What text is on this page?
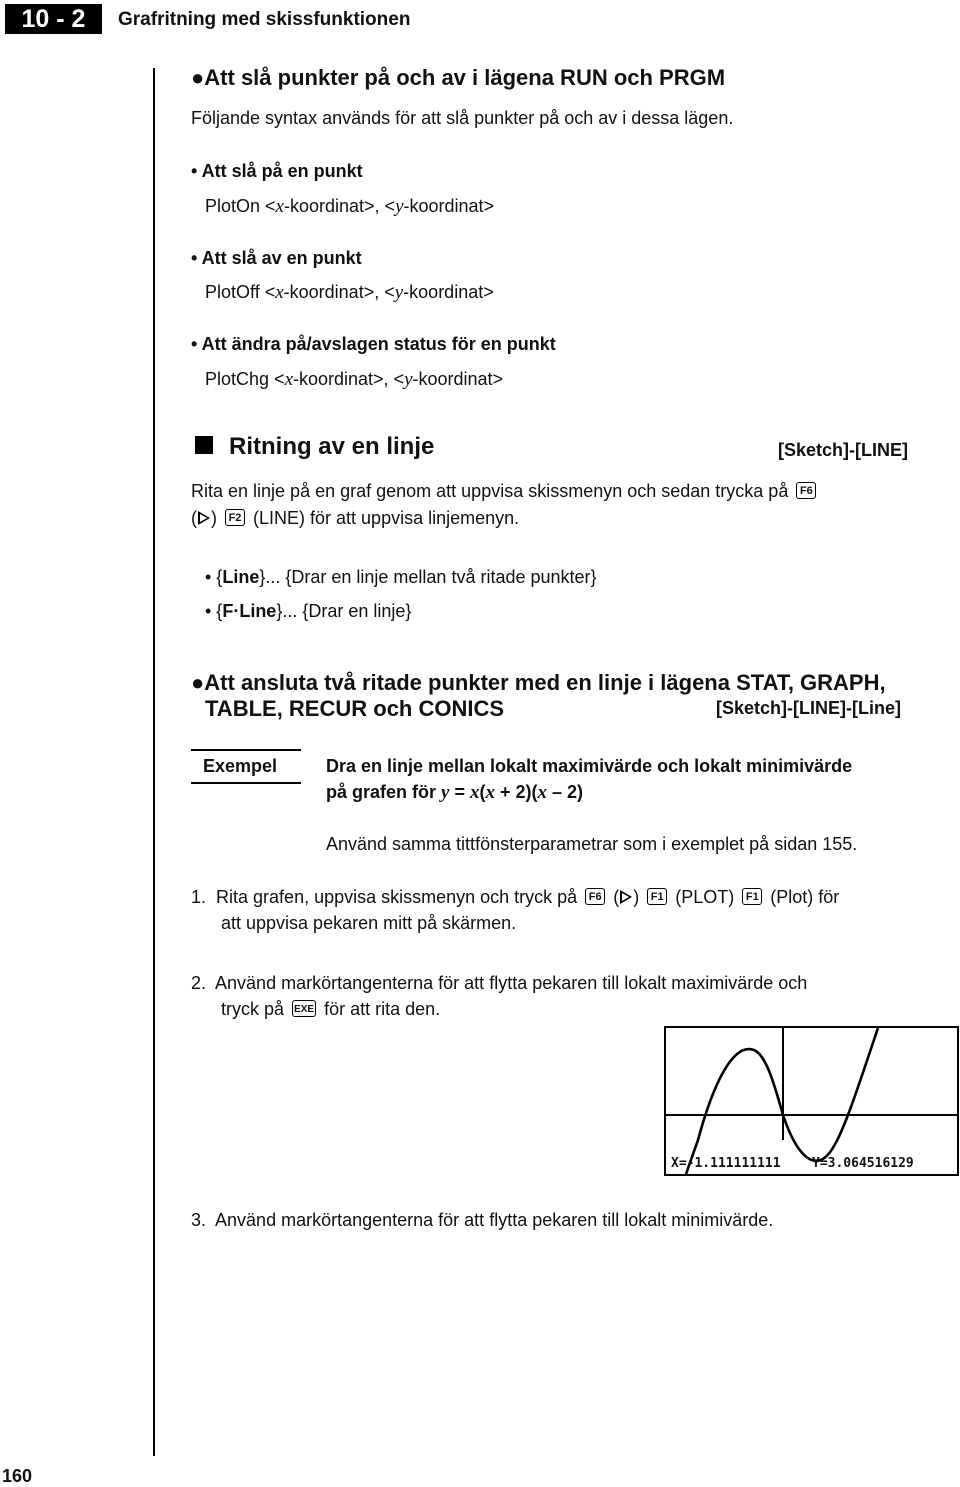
10 - 2	Grafritning med skissfunktionen
160
●Att slå punkter på och av i lägena RUN och PRGM
Följande syntax används för att slå punkter på och av i dessa lägen.
• Att slå på en punkt
PlotOn <x-koordinat>, <y-koordinat>
• Att slå av en punkt
PlotOff <x-koordinat>, <y-koordinat>
• Att ändra på/avslagen status för en punkt
PlotChg <x-koordinat>, <y-koordinat>
Ritning av en linje	[Sketch]-[LINE]
Rita en linje på en graf genom att uppvisa skissmenyn och sedan trycka på F6
( ) F2 (LINE) för att uppvisa linjemenyn.
• {Line}... {Drar en linje mellan två ritade punkter}
• {F·Line}... {Drar en linje}
●Att ansluta två ritade punkter med en linje i lägena STAT, GRAPH,
TABLE, RECUR och CONICS	[Sketch]-[LINE]-[Line]
Exempel	Dra en linje mellan lokalt maximivärde och lokalt minimivärde
på grafen för y = x(x + 2)(x – 2)
Använd samma tittfönsterparametrar som i exemplet på sidan 155.
1. Rita grafen, uppvisa skissmenyn och tryck på F6 ( ) F1 (PLOT) F1 (Plot) för
att uppvisa pekaren mitt på skärmen.
2. Använd markörtangenterna för att flytta pekaren till lokalt maximivärde och
tryck på EXE för att rita den.
X=-1.111111111 Y=3.064516129
3. Använd markörtangenterna för att flytta pekaren till lokalt minimivärde.
